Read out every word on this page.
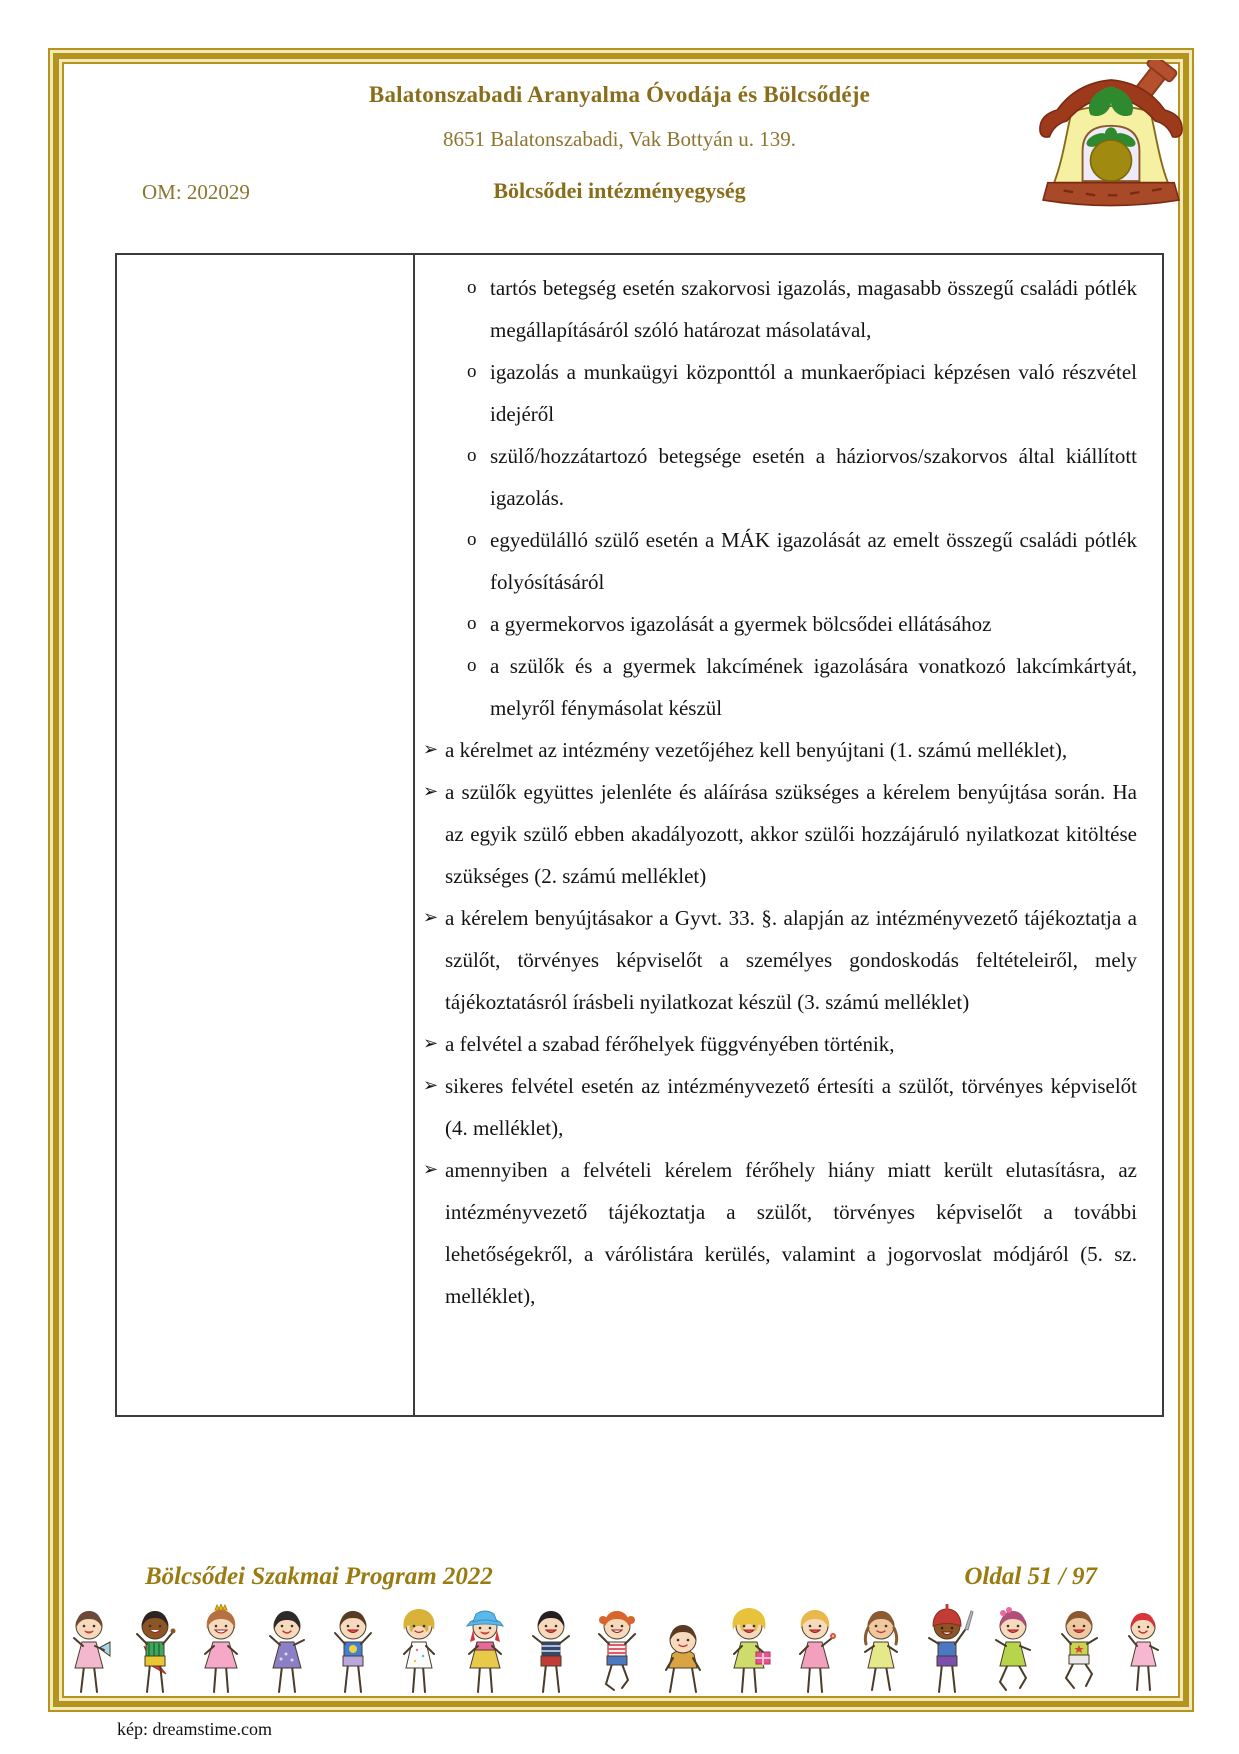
Balatonszabadi Aranyalma Óvodája és Bölcsődéje
8651 Balatonszabadi, Vak Bottyán u. 139.
OM: 202029	Bölcsődei intézményegység
o tartós betegség esetén szakorvosi igazolás, magasabb összegű családi pótlék megállapításáról szóló határozat másolatával,
o igazolás a munkaügyi központtól a munkaerőpiaci képzésen való részvétel idejéről
o szülő/hozzátartozó betegsége esetén a háziorvos/szakorvos által kiállított igazolás.
o egyedülálló szülő esetén a MÁK igazolását az emelt összegű családi pótlék folyósításáról
o a gyermekorvos igazolását a gyermek bölcsődei ellátásához
o a szülők és a gyermek lakcímének igazolására vonatkozó lakcímkártyát, melyről fénymásolat készül
➢ a kérelmet az intézmény vezetőjéhez kell benyújtani (1. számú melléklet),
➢ a szülők együttes jelenléte és aláírása szükséges a kérelem benyújtása során. Ha az egyik szülő ebben akadályozott, akkor szülői hozzájáruló nyilatkozat kitöltése szükséges (2. számú melléklet)
➢ a kérelem benyújtásakor a Gyvt. 33. §. alapján az intézményvezető tájékoztatja a szülőt, törvényes képviselőt a személyes gondoskodás feltételeiről, mely tájékoztatásról írásbeli nyilatkozat készül (3. számú melléklet)
➢ a felvétel a szabad férőhelyek függvényében történik,
➢ sikeres felvétel esetén az intézményvezető értesíti a szülőt, törvényes képviselőt (4. melléklet),
➢ amennyiben a felvételi kérelem férőhely hiány miatt került elutasításra, az intézményvezető tájékoztatja a szülőt, törvényes képviselőt a további lehetőségekről, a várólistára kerülés, valamint a jogorvoslat módjáról (5. sz. melléklet),
Bölcsődei Szakmai Program 2022	Oldal 51 / 97
kép: dreamstime.com
